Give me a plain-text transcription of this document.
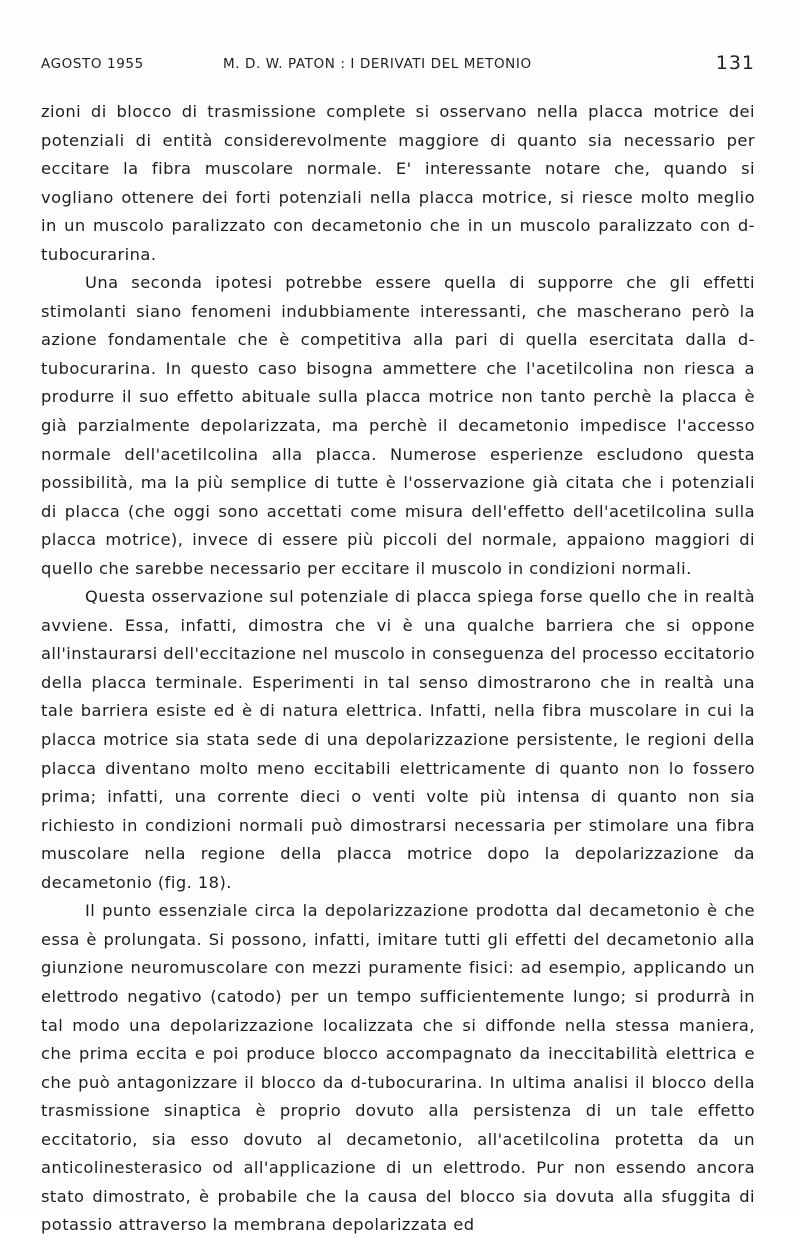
AGOSTO 1955	M. D. W. PATON : I DERIVATI DEL METONIO	131

zioni di blocco di trasmissione complete si osservano nella placca motrice dei potenziali di entità considerevolmente maggiore di quanto sia necessario per eccitare la fibra muscolare normale. E' interessante notare che, quando si vogliano ottenere dei forti potenziali nella placca motrice, si riesce molto meglio in un muscolo paralizzato con decametonio che in un muscolo paralizzato con d-tubocurarina.

Una seconda ipotesi potrebbe essere quella di supporre che gli effetti stimolanti siano fenomeni indubbiamente interessanti, che mascherano però la azione fondamentale che è competitiva alla pari di quella esercitata dalla d-tubocurarina. In questo caso bisogna ammettere che l'acetilcolina non riesca a produrre il suo effetto abituale sulla placca motrice non tanto perchè la placca è già parzialmente depolarizzata, ma perchè il decametonio impedisce l'accesso normale dell'acetilcolina alla placca. Numerose esperienze escludono questa possibilità, ma la più semplice di tutte è l'osservazione già citata che i potenziali di placca (che oggi sono accettati come misura dell'effetto dell'acetilcolina sulla placca motrice), invece di essere più piccoli del normale, appaiono maggiori di quello che sarebbe necessario per eccitare il muscolo in condizioni normali.

Questa osservazione sul potenziale di placca spiega forse quello che in realtà avviene. Essa, infatti, dimostra che vi è una qualche barriera che si oppone all'instaurarsi dell'eccitazione nel muscolo in conseguenza del processo eccitatorio della placca terminale. Esperimenti in tal senso dimostrarono che in realtà una tale barriera esiste ed è di natura elettrica. Infatti, nella fibra muscolare in cui la placca motrice sia stata sede di una depolarizzazione persistente, le regioni della placca diventano molto meno eccitabili elettricamente di quanto non lo fossero prima; infatti, una corrente dieci o venti volte più intensa di quanto non sia richiesto in condizioni normali può dimostrarsi necessaria per stimolare una fibra muscolare nella regione della placca motrice dopo la depolarizzazione da decametonio (fig. 18).

Il punto essenziale circa la depolarizzazione prodotta dal decametonio è che essa è prolungata. Si possono, infatti, imitare tutti gli effetti del decametonio alla giunzione neuromuscolare con mezzi puramente fisici: ad esempio, applicando un elettrodo negativo (catodo) per un tempo sufficientemente lungo; si produrrà in tal modo una depolarizzazione localizzata che si diffonde nella stessa maniera, che prima eccita e poi produce blocco accompagnato da ineccitabilità elettrica e che può antagonizzare il blocco da d-tubocurarina. In ultima analisi il blocco della trasmissione sinaptica è proprio dovuto alla persistenza di un tale effetto eccitatorio, sia esso dovuto al decametonio, all'acetilcolina protetta da un anticolinesterasico od all'applicazione di un elettrodo. Pur non essendo ancora stato dimostrato, è probabile che la causa del blocco sia dovuta alla sfuggita di potassio attraverso la membrana depolarizzata ed
